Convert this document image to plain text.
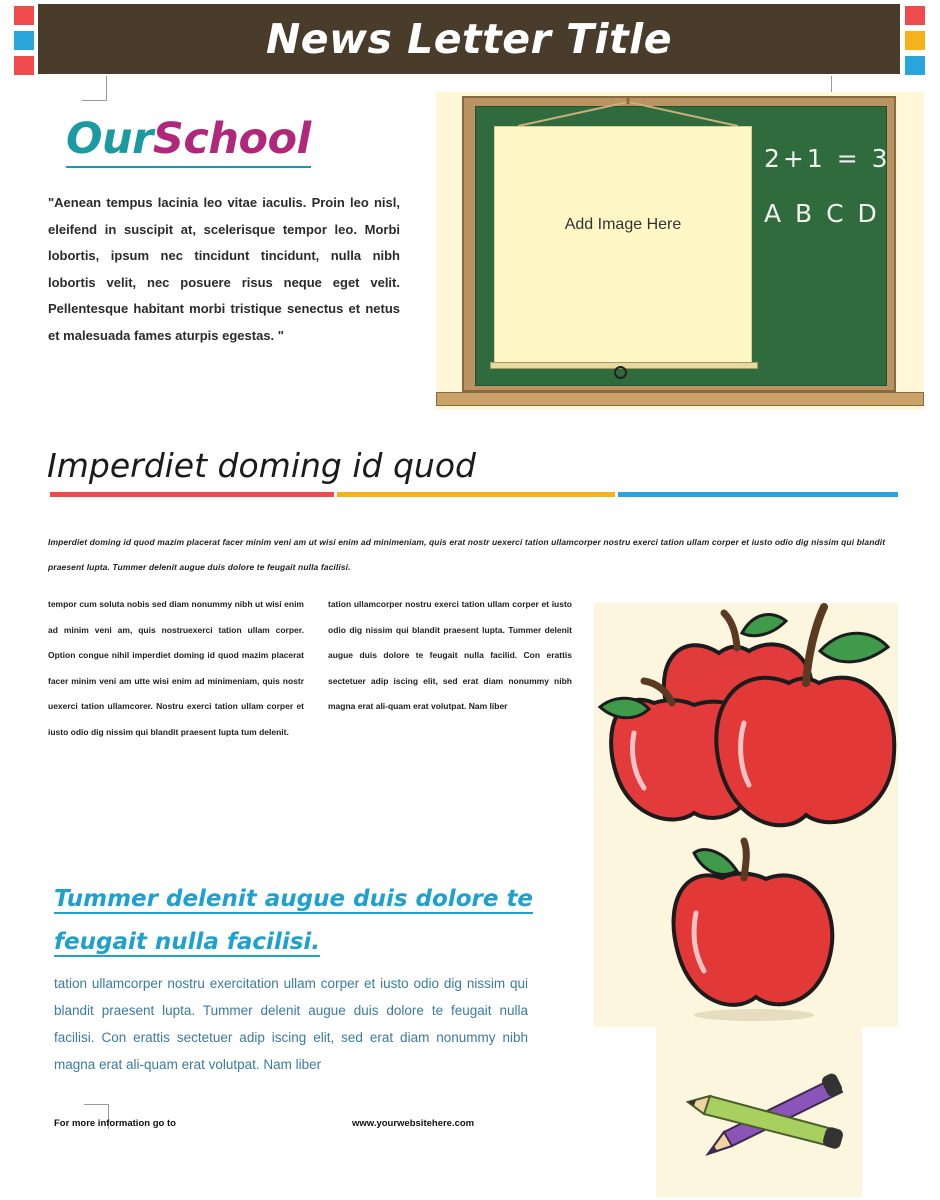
News Letter Title
OurSchool
"Aenean tempus lacinia leo vitae iaculis. Proin leo nisl, eleifend in suscipit at, scelerisque tempor leo. Morbi lobortis, ipsum nec tincidunt tincidunt, nulla nibh lobortis velit, nec posuere risus neque eget velit. Pellentesque habitant morbi tristique senectus et netus et malesuada fames aturpis egestas. "
Add Image Here
2+1 = 3
A B C D
Imperdiet doming id quod
Imperdiet doming id quod mazim placerat facer minim veni am ut wisi enim ad minimeniam, quis erat nostr uexerci tation ullamcorper nostru exerci tation ullam corper et iusto odio dig nissim qui blandit praesent lupta. Tummer delenit augue duis dolore te feugait nulla facilisi.
tempor cum soluta nobis sed diam nonummy nibh ut wisi enim ad minim veni am, quis nostruexerci tation ullam corper. Option congue nihil imperdiet doming id quod mazim placerat facer minim veni am utte wisi enim ad minimeniam, quis nostr uexerci tation ullamcorer. Nostru exerci tation ullam corper et iusto odio dig nissim qui blandit praesent lupta tum delenit.
tation ullamcorper nostru exerci tation ullam corper et iusto odio dig nissim qui blandit praesent lupta. Tummer delenit augue duis dolore te feugait nulla facilid. Con erattis sectetuer adip iscing elit, sed erat diam nonummy nibh magna erat ali-quam erat volutpat. Nam liber
Tummer delenit augue duis dolore te
feugait nulla facilisi.
tation ullamcorper nostru exercitation ullam corper et iusto odio dig nissim qui blandit praesent lupta. Tummer delenit augue duis dolore te feugait nulla facilisi. Con erattis sectetuer adip iscing elit, sed erat diam nonummy nibh magna erat ali-quam erat volutpat. Nam liber
For more information go to	www.yourwebsitehere.com
